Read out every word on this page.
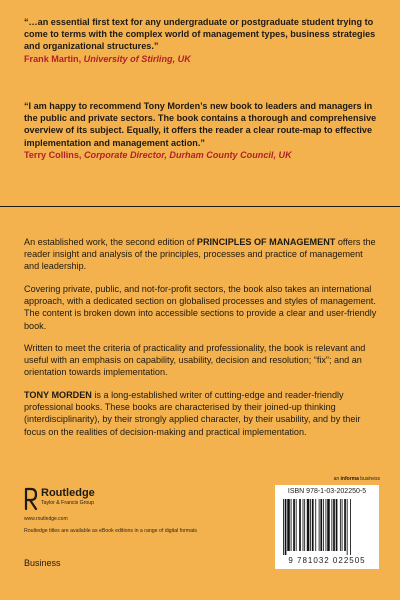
“…an essential first text for any undergraduate or postgraduate student trying to come to terms with the complex world of management types, business strategies and organizational structures.”

Frank Martin, University of Stirling, UK

“I am happy to recommend Tony Morden’s new book to leaders and managers in the public and private sectors. The book contains a thorough and comprehensive overview of its subject. Equally, it offers the reader a clear route-map to effective implementation and management action.”

Terry Collins, Corporate Director, Durham County Council, UK

An established work, the second edition of PRINCIPLES OF MANAGEMENT offers the reader insight and analysis of the principles, processes and practice of management and leadership.

Covering private, public, and not-for-profit sectors, the book also takes an international approach, with a dedicated section on globalised processes and styles of management. The content is broken down into accessible sections to provide a clear and user-friendly book.

Written to meet the criteria of practicality and professionality, the book is relevant and useful with an emphasis on capability, usability, decision and resolution; “fix”; and an orientation towards implementation.

TONY MORDEN is a long-established writer of cutting-edge and reader-friendly professional books. These books are characterised by their joined-up thinking (interdisciplinarity), by their strongly applied character, by their usability, and by their focus on the realities of decision-making and practical implementation.

an informa business
Routledge
Taylor & Francis Group
www.routledge.com
Routledge titles are available as eBook editions in a range of digital formats
Business
ISBN 978-1-03-202250-5
9 781032 022505
